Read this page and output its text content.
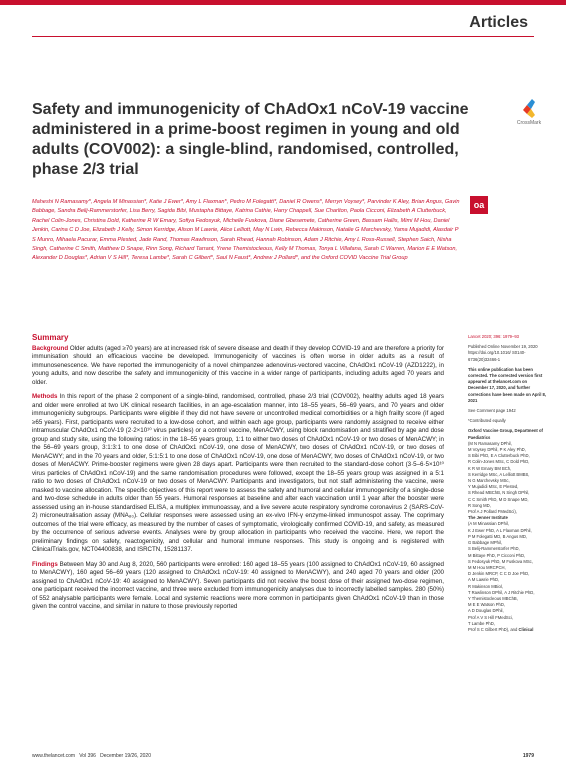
Articles
CrossMark
Safety and immunogenicity of ChAdOx1 nCoV-19 vaccine administered in a prime-boost regimen in young and old adults (COV002): a single-blind, randomised, controlled, phase 2/3 trial
oa
Maheshi N Ramasamy*, Angela M Minassian*, Katie J Ewer*, Amy L Flaxman*, Pedro M Folegatti*, Daniel R Owens*, Merryn Voysey*, Parvinder K Aley, Brian Angus, Gavin Babbage, Sandra Belij-Rammerstorfer, Lisa Berry, Sagida Bibi, Mustapha Bittaye, Katrina Cathie, Harry Chappell, Sue Charlton, Paola Cicconi, Elizabeth A Clutterbuck, Rachel Colin-Jones, Christina Dold, Katherine R W Emary, Sofiya Fedosyuk, Michelle Fuskova, Diane Gbesemete, Catherine Green, Bassam Hallis, Mimi M Hou, Daniel Jenkin, Carina C D Joe, Elizabeth J Kelly, Simon Kerridge, Alison M Lawrie, Alice Lelliott, May N Lwin, Rebecca Makinson, Natalie G Marchevsky, Yama Mujadidi, Alasdair P S Munro, Mihaela Pacurar, Emma Plested, Jade Rand, Thomas Rawlinson, Sarah Rhead, Hannah Robinson, Adam J Ritchie, Amy L Ross-Russell, Stephen Saich, Nisha Singh, Catherine C Smith, Matthew D Snape, Rinn Song, Richard Tarrant, Yrene Themistocleous, Kelly M Thomas, Tonya L Villafana, Sarah C Warren, Marion E E Watson, Alexander D Douglas*, Adrian V S Hill*, Teresa Lambe*, Sarah C Gilbert*, Saul N Faust*, Andrew J Pollard*, and the Oxford COVID Vaccine Trial Group
Summary

Background Older adults (aged ≥70 years) are at increased risk of severe disease and death if they develop COVID-19 and are therefore a priority for immunisation should an efficacious vaccine be developed. Immunogenicity of vaccines is often worse in older adults as a result of immunosenescence. We have reported the immunogenicity of a novel chimpanzee adenovirus-vectored vaccine, ChAdOx1 nCoV-19 (AZD1222), in young adults, and now describe the safety and immunogenicity of this vaccine in a wider range of participants, including adults aged 70 years and older.

Methods In this report of the phase 2 component of a single-blind, randomised, controlled, phase 2/3 trial (COV002), healthy adults aged 18 years and older were enrolled at two UK clinical research facilities, in an age-escalation manner, into 18–55 years, 56–69 years, and 70 years and older immunogenicity subgroups. Participants were eligible if they did not have severe or uncontrolled medical comorbidities or a high frailty score (if aged ≥65 years). First, participants were recruited to a low-dose cohort, and within each age group, participants were randomly assigned to receive either intramuscular ChAdOx1 nCoV-19 (2·2×10¹⁰ virus particles) or a control vaccine, MenACWY, using block randomisation and stratified by age and dose group and study site, using the following ratios: in the 18–55 years group, 1:1 to either two doses of ChAdOx1 nCoV-19 or two doses of MenACWY; in the 56–69 years group, 3:1:3:1 to one dose of ChAdOx1 nCoV-19, one dose of MenACWY, two doses of ChAdOx1 nCoV-19, or two doses of MenACWY; and in the 70 years and older, 5:1:5:1 to one dose of ChAdOx1 nCoV-19, one dose of MenACWY, two doses of ChAdOx1 nCoV-19, or two doses of MenACWY. Prime-booster regimens were given 28 days apart. Participants were then recruited to the standard-dose cohort (3·5–6·5×10¹⁰ virus particles of ChAdOx1 nCoV-19) and the same randomisation procedures were followed, except the 18–55 years group was assigned in a 5:1 ratio to two doses of ChAdOx1 nCoV-19 or two doses of MenACWY. Participants and investigators, but not staff administering the vaccine, were masked to vaccine allocation. The specific objectives of this report were to assess the safety and humoral and cellular immunogenicity of a single-dose and two-dose schedule in adults older than 55 years. Humoral responses at baseline and after each vaccination until 1 year after the booster were assessed using an in-house standardised ELISA, a multiplex immunoassay, and a live severe acute respiratory syndrome coronavirus 2 (SARS-CoV-2) microneutralisation assay (MNA₈₀). Cellular responses were assessed using an ex-vivo IFN-γ enzyme-linked immunospot assay. The coprimary outcomes of the trial were efficacy, as measured by the number of cases of symptomatic, virologically confirmed COVID-19, and safety, as measured by the occurrence of serious adverse events. Analyses were by group allocation in participants who received the vaccine. Here, we report the preliminary findings on safety, reactogenicity, and cellular and humoral immune responses. This study is ongoing and is registered with ClinicalTrials.gov, NCT04400838, and ISRCTN, 15281137.

Findings Between May 30 and Aug 8, 2020, 560 participants were enrolled: 160 aged 18–55 years (100 assigned to ChAdOx1 nCoV-19, 60 assigned to MenACWY), 160 aged 56–69 years (120 assigned to ChAdOx1 nCoV-19: 40 assigned to MenACWY), and 240 aged 70 years and older (200 assigned to ChAdOx1 nCoV-19: 40 assigned to MenACWY). Seven participants did not receive the boost dose of their assigned two-dose regimen, one participant received the incorrect vaccine, and three were excluded from immunogenicity analyses due to incorrectly labelled samples. 280 (50%) of 552 analysable participants were female. Local and systemic reactions were more common in participants given ChAdOx1 nCoV-19 than in those given the control vaccine, and similar in nature to those previously reported

Lancet 2020; 396: 1979–93

Published Online November 19, 2020 https://doi.org/10.1016/ S0140-6736(20)32466-1

This online publication has been corrected. The corrected version first appeared at thelancet.com on December 17, 2020, and further corrections have been made on April 8, 2021

See Comment page 1942

*Contributed equally

Oxford Vaccine Group, Department of Paediatrics

(M N Ramasamy DPhil,

M Voysey DPhil, P K Aley PhD,

S Bibi PhD, E A Clutterbuck PhD,

R Colin-Jones MSc, C Dold PhD,

K R W Emary BM BCh,

S Kerridge MSc, A Lelliott BMBS,

N G Marchevsky MSc,

Y Mujadidi MSc, E Plested,

S Rhead MBChB, N Singh DPhil,

C C Smith PhD, M D Snape MD,

R Song MD,

Prof A J Pollard FMedSci),

The Jenner Institute

(A M Minassian DPhil,

K J Ewer PhD, A L Flaxman DPhil,

P M Folegatti MD, B Angus MD,

G Babbage MPhil,

S Belij-Rammerstorfer PhD,

M Bittaye PhD, P Cicconi PhD,

S Fedosyuk PhD, M Fuskova MSc,

M M Hou MRCPCH,

D Jenkin MRCP, C C D Joe PhD,

A M Lawrie PhD,

R Makinson MBiol,

T Rawlinson DPhil, A J Ritchie PhD,

Y Themistocleous MBChB,

M E E Watson PhD,

A D Douglas DPhil,

Prof A V S Hill FMedSci,

T Lambe PhD,

Prof S C Gilbert PhD), and Clinical

www.thelancet.com Vol 396 December 19/26, 2020	1979
